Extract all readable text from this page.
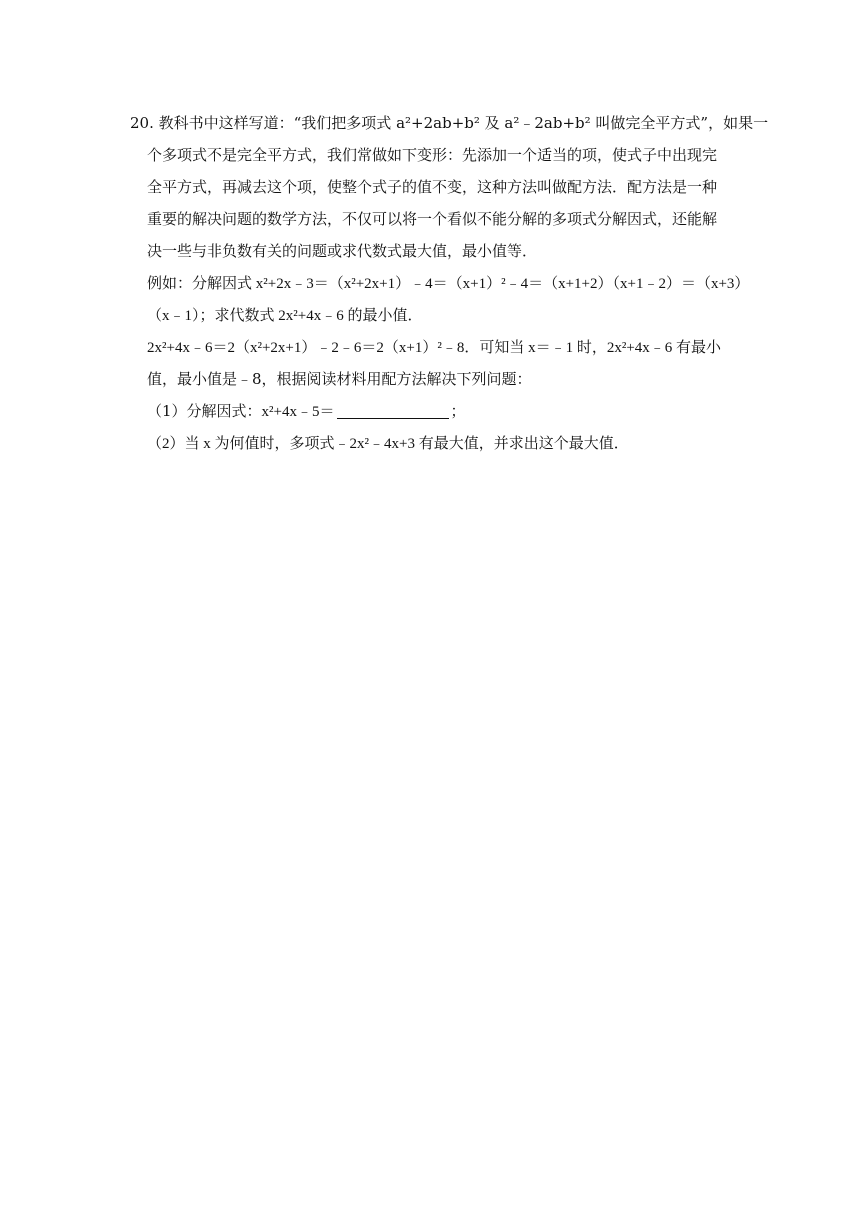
20. 教科书中这样写道：“我们把多项式 a²+2ab+b² 及 a²﹣2ab+b² 叫做完全平方式”，如果一
个多项式不是完全平方式，我们常做如下变形：先添加一个适当的项，使式子中出现完
全平方式，再减去这个项，使整个式子的值不变，这种方法叫做配方法．配方法是一种
重要的解决问题的数学方法，不仅可以将一个看似不能分解的多项式分解因式，还能解
决一些与非负数有关的问题或求代数式最大值，最小值等．
例如：分解因式 x²+2x﹣3＝（x²+2x+1）﹣4＝（x+1）²﹣4＝（x+1+2）（x+1﹣2）＝（x+3）
（x﹣1）；求代数式 2x²+4x﹣6 的最小值．
2x²+4x﹣6＝2（x²+2x+1）﹣2﹣6＝2（x+1）²﹣8．可知当 x＝﹣1 时，2x²+4x﹣6 有最小
值，最小值是﹣8，根据阅读材料用配方法解决下列问题：
（1）分解因式：x²+4x﹣5＝	；
（2）当 x 为何值时，多项式﹣2x²﹣4x+3 有最大值，并求出这个最大值．
